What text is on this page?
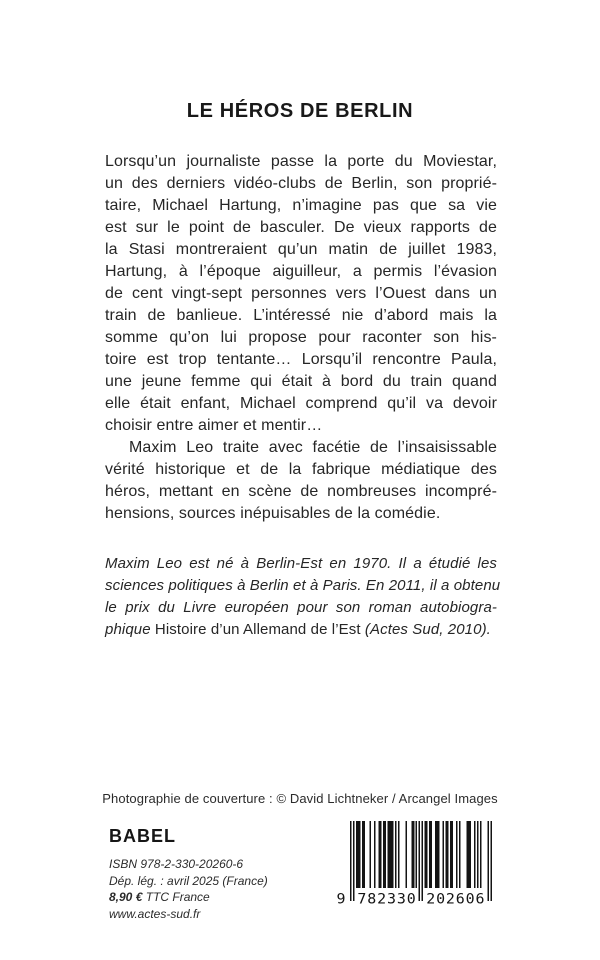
LE HÉROS DE BERLIN
Lorsqu’un journaliste passe la porte du Moviestar,
un des derniers vidéo-clubs de Berlin, son proprié-
taire, Michael Hartung, n’imagine pas que sa vie
est sur le point de basculer. De vieux rapports de
la Stasi montreraient qu’un matin de juillet 1983,
Hartung, à l’époque aiguilleur, a permis l’évasion
de cent vingt-sept personnes vers l’Ouest dans un
train de banlieue. L’intéressé nie d’abord mais la
somme qu’on lui propose pour raconter son his-
toire est trop tentante… Lorsqu’il rencontre Paula,
une jeune femme qui était à bord du train quand
elle était enfant, Michael comprend qu’il va devoir
choisir entre aimer et mentir…
Maxim Leo traite avec facétie de l’insaisissable
vérité historique et de la fabrique médiatique des
héros, mettant en scène de nombreuses incompré-
hensions, sources inépuisables de la comédie.
Maxim Leo est né à Berlin-Est en 1970. Il a étudié les
sciences politiques à Berlin et à Paris. En 2011, il a obtenu
le prix du Livre européen pour son roman autobiogra-
phique Histoire d’un Allemand de l’Est (Actes Sud, 2010).
Photographie de couverture : © David Lichtneker / Arcangel Images
BABEL
ISBN 978-2-330-20260-6
Dép. lég. : avril 2025 (France)
8,90 € TTC France
www.actes-sud.fr
9 782330 202606
